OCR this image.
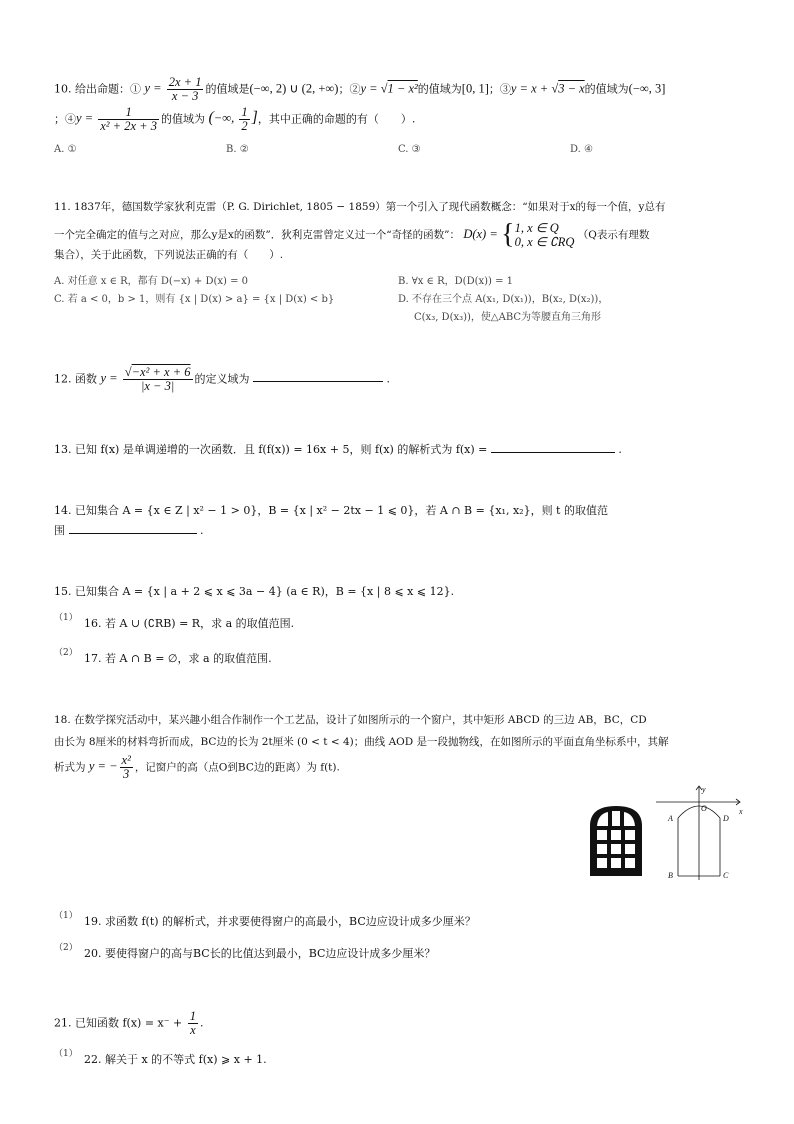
10. 给出命题：① $y = \frac{2x + 1}{x - 3}$ 的值域是(−∞, 2) ∪ (2, +∞)；②y = √1 − x²的值域为[0, 1]；③y = x + √3 − x的值域为(−∞, 3]
；④y = $\frac{1}{\text{x² + 2x + 3}}$ 的值域为 (−∞, $\frac{1}{2}$ ]，其中正确的命题的有（　　）.
A. ①	B. ②	C. ③	D. ④
11. 1837年，德国数学家狄利克雷（P. G. Dirichlet, 1805 − 1859）第一个引入了现代函数概念：“如果对于x的每一个值，y总有
一个完全确定的值与之对应，那么y是x的函数”．狄利克雷曾定义过一个“奇怪的函数”： D(x) = { 1, x ∈ Q
0, x ∈ ∁RQ （Q表示有理数
集合），关于此函数，下列说法正确的有（　　）.
A. 对任意 x ∈ R，都有 D(−x) + D(x) = 0	B. ∀x ∈ R，D(D(x)) = 1
C. 若 a < 0，b > 1，则有 {x | D(x) > a} = {x | D(x) < b}	D. 不存在三个点 A(x₁, D(x₁))，B(x₂, D(x₂))，
C(x₃, D(x₃))，使△ABC为等腰直角三角形
12. 函数 $y = \frac{\text{√−x² + x + 6}}{|x - 3|}$ 的定义域为	.
13. 已知 f(x) 是单调递增的一次函数．且 f(f(x)) = 16x + 5，则 f(x) 的解析式为 f(x) =	.
14. 已知集合 A = {x ∈ Z | x² − 1 > 0}，B = {x | x² − 2tx − 1 ⩽ 0}，若 A ∩ B = {x₁, x₂}，则 t 的取值范
围	.
15. 已知集合 A = {x | a + 2 ⩽ x ⩽ 3a − 4} (a ∈ R)，B = {x | 8 ⩽ x ⩽ 12}.
（1） 16. 若 A ∪ (∁RB) = R，求 a 的取值范围.
（2） 17. 若 A ∩ B = ∅，求 a 的取值范围.
18. 在数学探究活动中，某兴趣小组合作制作一个工艺品，设计了如图所示的一个窗户，其中矩形 ABCD 的三边 AB，BC，CD
由长为 8厘米的材料弯折而成，BC边的长为 2t厘米 (0 < t < 4)；曲线 AOD 是一段抛物线，在如图所示的平面直角坐标系中，其解
析式为 y = − $\frac{\text{x²}}{3}$ ，记窗户的高（点O到BC边的距离）为 f(t).
y
x
O
A	D
B	C
（1） 19. 求函数 f(t) 的解析式，并求要使得窗户的高最小，BC边应设计成多少厘米？
（2） 20. 要使得窗户的高与BC长的比值达到最小，BC边应设计成多少厘米？
21. 已知函数 $f(x) = x^- + \frac{1}{x}$ .
（1） 22. 解关于 x 的不等式 f(x) ⩾ x + 1.
